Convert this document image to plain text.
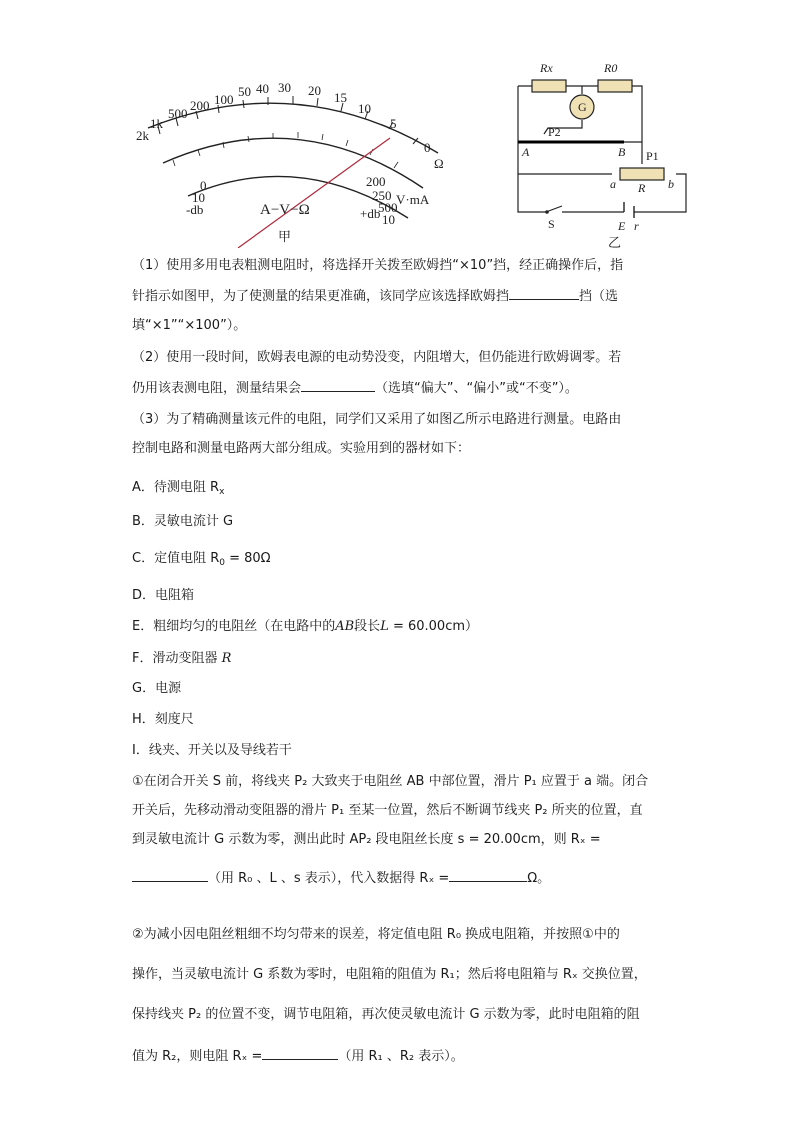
2k
1k
500
200 100
50 40 30 20 15
10
5
0
Ω
V·mA
0
10
200
250
500
10
-db	+db
A−V−Ω
甲
Rx	R0
G
P2
A	B P1
a R b
S	E r
乙
（1）使用多用电表粗测电阻时，将选择开关拨至欧姆挡“×10”挡，经正确操作后，指
针指示如图甲，为了使测量的结果更准确，该同学应该选择欧姆挡	挡（选
填“×1”“×100”）。
（2）使用一段时间，欧姆表电源的电动势没变，内阻增大，但仍能进行欧姆调零。若
仍用该表测电阻，测量结果会	（选填“偏大”、“偏小”或“不变”）。
（3）为了精确测量该元件的电阻，同学们又采用了如图乙所示电路进行测量。电路由
控制电路和测量电路两大部分组成。实验用到的器材如下：
A．待测电阻 $R_x$
B．灵敏电流计 G
C．定值电阻 $R_0 = 80\Omega$
D．电阻箱
E．粗细均匀的电阻丝（在电路中的AB段长L = 60.00cm）
F．滑动变阻器 R
G．电源
H．刻度尺
I．线夹、开关以及导线若干
①在闭合开关 S 前，将线夹 P₂ 大致夹于电阻丝 AB 中部位置，滑片 P₁ 应置于 a 端。闭合
开关后，先移动滑动变阻器的滑片 P₁ 至某一位置，然后不断调节线夹 P₂ 所夹的位置，直
到灵敏电流计 G 示数为零，测出此时 AP₂ 段电阻丝长度 s = 20.00cm，则 Rₓ =
（用 R₀ 、L 、s 表示），代入数据得 Rₓ =	Ω。
②为减小因电阻丝粗细不均匀带来的误差，将定值电阻 R₀ 换成电阻箱，并按照①中的
操作，当灵敏电流计 G 系数为零时，电阻箱的阻值为 R₁；然后将电阻箱与 Rₓ 交换位置，
保持线夹 P₂ 的位置不变，调节电阻箱，再次使灵敏电流计 G 示数为零，此时电阻箱的阻
值为 R₂，则电阻 Rₓ =	（用 R₁ 、R₂ 表示）。
